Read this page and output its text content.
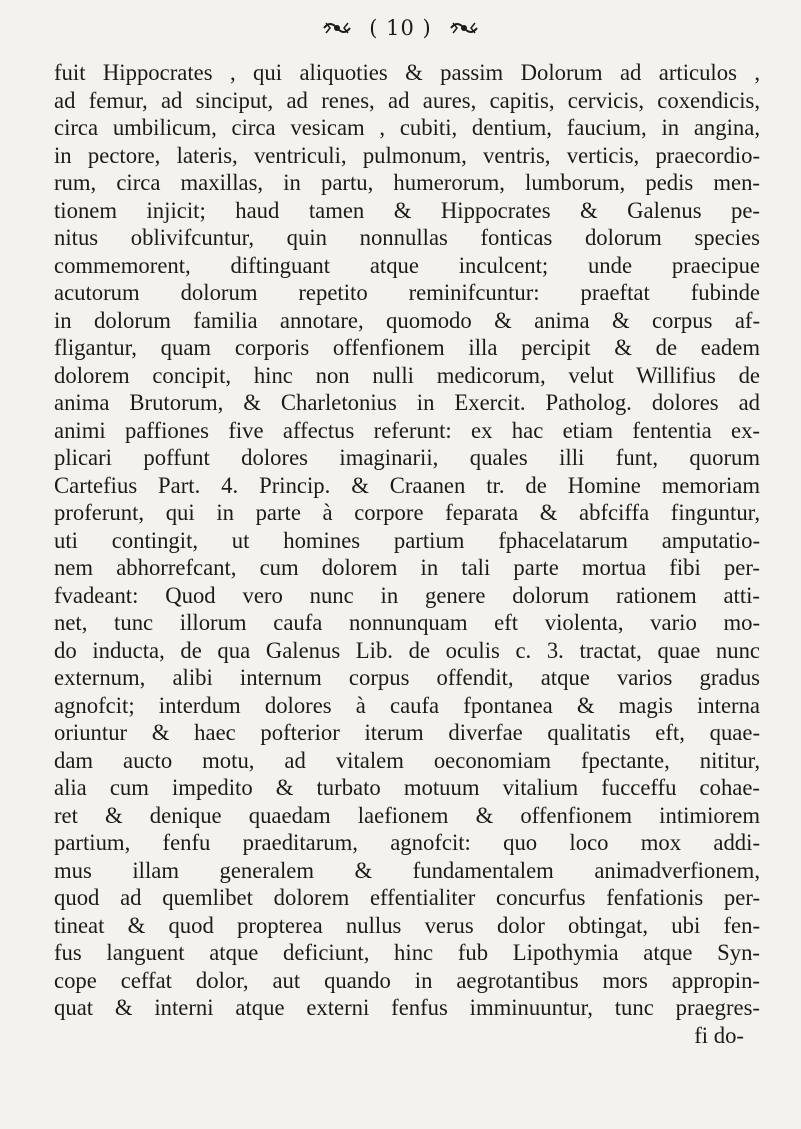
( 10 )
fuit Hippocrates , qui aliquoties & passim Dolorum ad articulos ,
ad femur, ad sinciput, ad renes, ad aures, capitis, cervicis, coxendicis,
circa umbilicum, circa vesicam , cubiti, dentium, faucium, in angina,
in pectore, lateris, ventriculi, pulmonum, ventris, verticis, praecordio-
rum, circa maxillas, in partu, humerorum, lumborum, pedis men-
tionem injicit; haud tamen & Hippocrates & Galenus pe-
nitus oblivifcuntur, quin nonnullas fonticas dolorum species
commemorent, diftinguant atque inculcent; unde praecipue
acutorum dolorum repetito reminifcuntur: praeftat fubinde
in dolorum familia annotare, quomodo & anima & corpus af-
fligantur, quam corporis offenfionem illa percipit & de eadem
dolorem concipit, hinc non nulli medicorum, velut Willifius de
anima Brutorum, & Charletonius in Exercit. Patholog. dolores ad
animi paffiones five affectus referunt: ex hac etiam fententia ex-
plicari poffunt dolores imaginarii, quales illi funt, quorum
Cartefius Part. 4. Princip. & Craanen tr. de Homine memoriam
proferunt, qui in parte à corpore feparata & abfciffa finguntur,
uti contingit, ut homines partium fphacelatarum amputatio-
nem abhorrefcant, cum dolorem in tali parte mortua fibi per-
fvadeant: Quod vero nunc in genere dolorum rationem atti-
net, tunc illorum caufa nonnunquam eft violenta, vario mo-
do inducta, de qua Galenus Lib. de oculis c. 3. tractat, quae nunc
externum, alibi internum corpus offendit, atque varios gradus
agnofcit; interdum dolores à caufa fpontanea & magis interna
oriuntur & haec pofterior iterum diverfae qualitatis eft, quae-
dam aucto motu, ad vitalem oeconomiam fpectante, nititur,
alia cum impedito & turbato motuum vitalium fucceffu cohae-
ret & denique quaedam laefionem & offenfionem intimiorem
partium, fenfu praeditarum, agnofcit: quo loco mox addi-
mus illam generalem & fundamentalem animadverfionem,
quod ad quemlibet dolorem effentialiter concurfus fenfationis per-
tineat & quod propterea nullus verus dolor obtingat, ubi fen-
fus languent atque deficiunt, hinc fub Lipothymia atque Syn-
cope ceffat dolor, aut quando in aegrotantibus mors appropin-
quat & interni atque externi fenfus imminuuntur, tunc praegres-
fi do-
